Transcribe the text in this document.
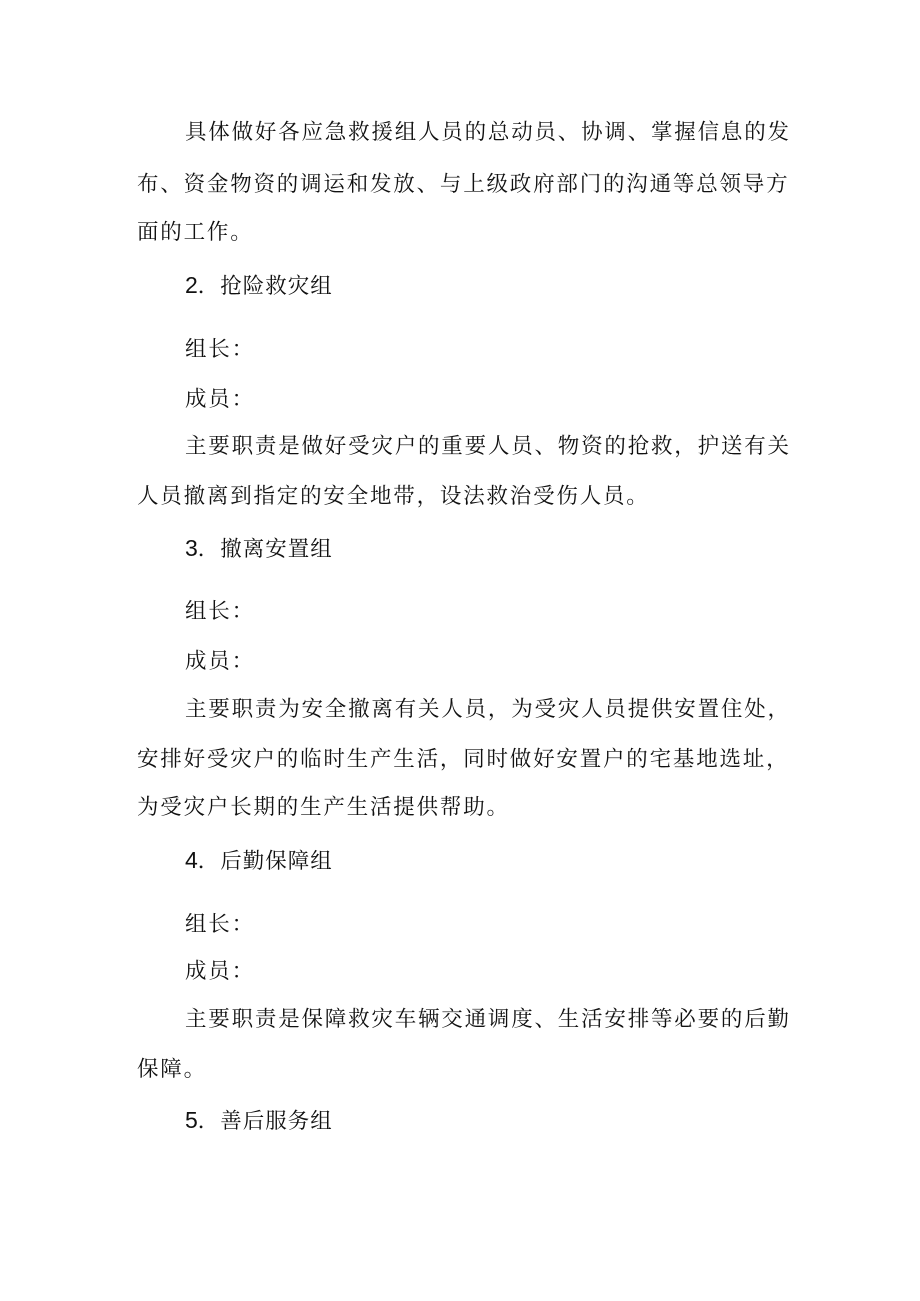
具体做好各应急救援组人员的总动员、协调、掌握信息的发
布、资金物资的调运和发放、与上级政府部门的沟通等总领导方
面的工作。
2．抢险救灾组
组长：
成员：
主要职责是做好受灾户的重要人员、物资的抢救，护送有关
人员撤离到指定的安全地带，设法救治受伤人员。
3．撤离安置组
组长：
成员：
主要职责为安全撤离有关人员，为受灾人员提供安置住处，
安排好受灾户的临时生产生活，同时做好安置户的宅基地选址，
为受灾户长期的生产生活提供帮助。
4．后勤保障组
组长：
成员：
主要职责是保障救灾车辆交通调度、生活安排等必要的后勤
保障。
5．善后服务组
